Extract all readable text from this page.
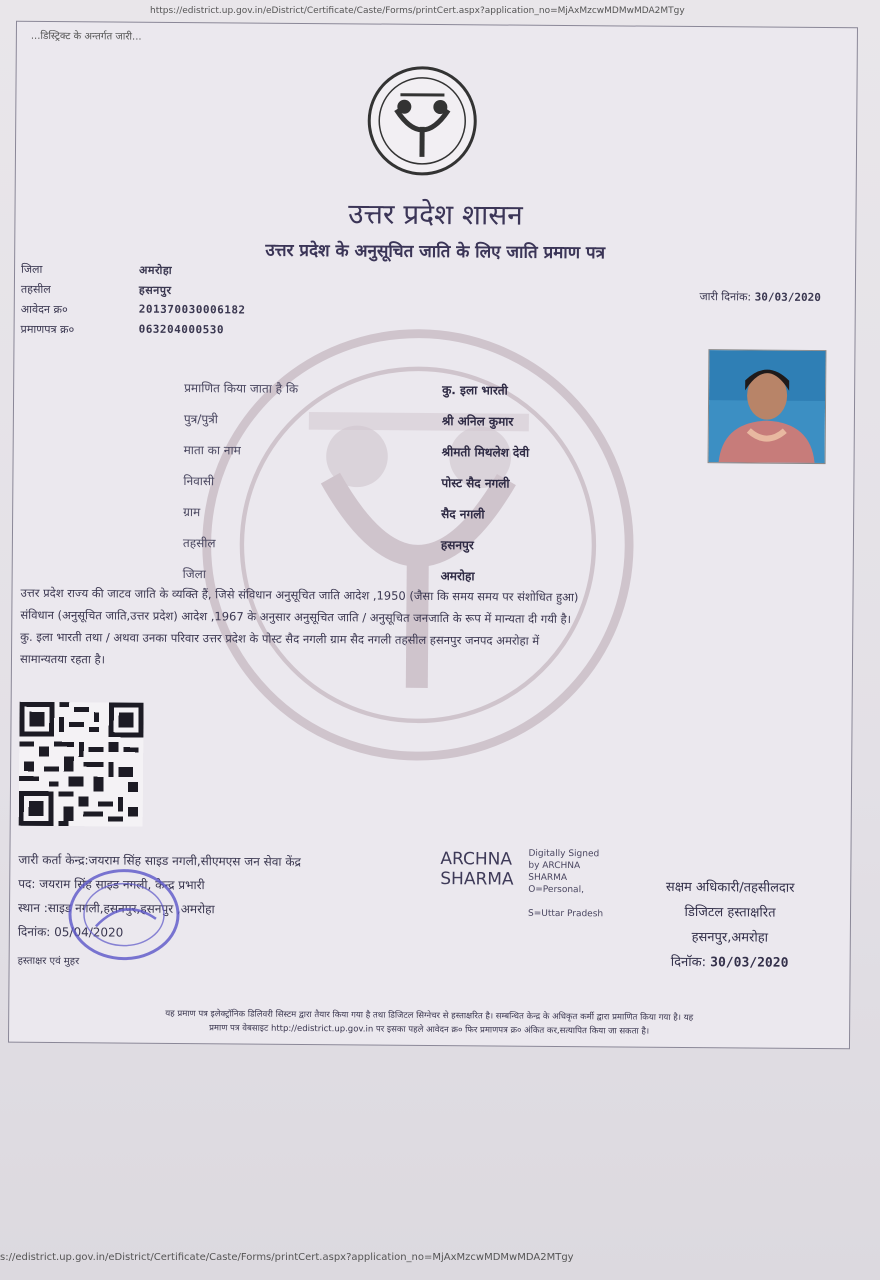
https://edistrict.up.gov.in/eDistrict/Certificate/Caste/Forms/printCert.aspx?application_no=MjAxMzcwMDMwMDA2MTgy
...डिस्ट्रिक्ट के अन्तर्गत जारी...
उत्तर प्रदेश शासन
उत्तर प्रदेश के अनुसूचित जाति के लिए जाति प्रमाण पत्र
जिला	अमरोहा
तहसील	हसनपुर
आवेदन क्र०	201370030006182
प्रमाणपत्र क्र०	063204000530
जारी दिनांक: 30/03/2020
प्रमाणित किया जाता है कि	कु. इला भारती
पुत्र/पुत्री	श्री अनिल कुमार
माता का नाम	श्रीमती मिथलेश देवी
निवासी	पोस्ट सैद नगली
ग्राम	सैद नगली
तहसील	हसनपुर
जिला	अमरोहा
उत्तर प्रदेश राज्य की जाटव जाति के व्यक्ति हैं, जिसे संविधान अनुसूचित जाति आदेश ,1950 (जैसा कि समय समय पर संशोधित हुआ)
संविधान (अनुसूचित जाति,उत्तर प्रदेश) आदेश ,1967 के अनुसार अनुसूचित जाति / अनुसूचित जनजाति के रूप में मान्यता दी गयी है।
कु. इला भारती तथा / अथवा उनका परिवार उत्तर प्रदेश के पोस्ट सैद नगली ग्राम सैद नगली तहसील हसनपुर जनपद अमरोहा में
सामान्यतया रहता है।
जारी कर्ता केन्द्र:जयराम सिंह साइड नगली,सीएमएस जन सेवा केंद्र
पद: जयराम सिंह साइड नगली, केन्द्र प्रभारी
स्थान :साइड नगली,हसनपुर,हसनपुर ,अमरोहा
दिनांक: 05/04/2020
हस्ताक्षर एवं मुहर
ARCHNA
SHARMA
Digitally Signed
by ARCHNA
SHARMA
O=Personal,
S=Uttar Pradesh
सक्षम अधिकारी/तहसीलदार
डिजिटल हस्ताक्षरित
हसनपुर,अमरोहा
दिनॉक: 30/03/2020
यह प्रमाण पत्र इलेक्ट्रॉनिक डिलिवरी सिस्टम द्वारा तैयार किया गया है तथा डिजिटल सिग्नेचर से हस्ताक्षरित है। सम्बन्धित केन्द्र के अधिकृत कर्मी द्वारा प्रमाणित किया गया है। यह
प्रमाण पत्र वेबसाइट http://edistrict.up.gov.in पर इसका पहले आवेदन क्र० फिर प्रमाणपत्र क्र० अंकित कर,सत्यापित किया जा सकता है।
s://edistrict.up.gov.in/eDistrict/Certificate/Caste/Forms/printCert.aspx?application_no=MjAxMzcwMDMwMDA2MTgy
